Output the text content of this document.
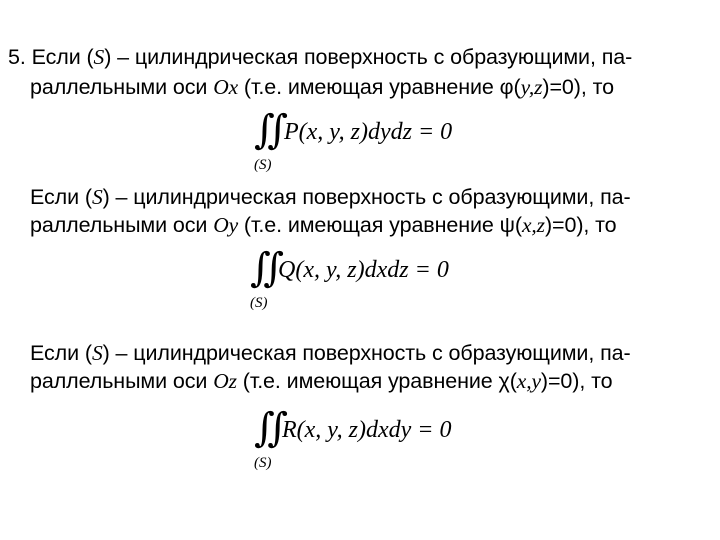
5. Если (S) – цилиндрическая поверхность с образующими, па-
раллельными оси Ox (т.е. имеющая уравнение φ(y,z)=0), то
∬ P(x, y, z)dydz = 0
(S)
Если (S) – цилиндрическая поверхность с образующими, па-
раллельными оси Oy (т.е. имеющая уравнение ψ(x,z)=0), то
∬ Q(x, y, z)dxdz = 0
(S)
Если (S) – цилиндрическая поверхность с образующими, па-
раллельными оси Oz (т.е. имеющая уравнение χ(x,y)=0), то
∬ R(x, y, z)dxdy = 0
(S)
